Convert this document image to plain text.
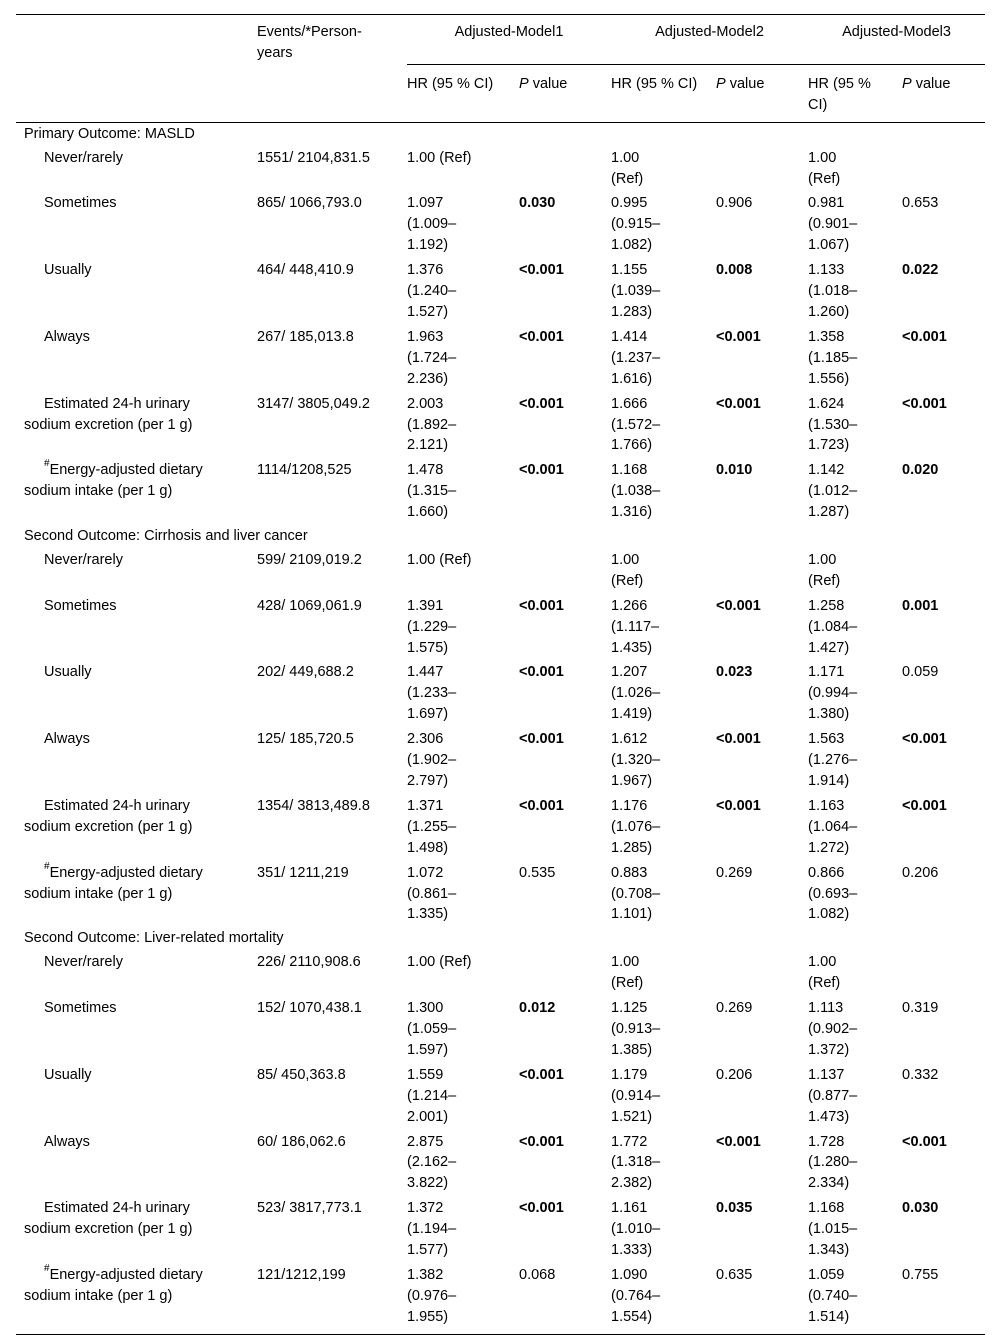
	Events/*Person-years	Adjusted-Model1		Adjusted-Model2		Adjusted-Model3	

		HR (95 % CI)	P value	HR (95 % CI)	P value	HR (95 % CI)	P value
Primary Outcome: MASLD							
Never/rarely	1551/ 2104,831.5	1.00 (Ref)		1.00 (Ref)		1.00 (Ref)	
Sometimes	865/ 1066,793.0	1.097 (1.009–1.192)	0.030	0.995 (0.915–1.082)	0.906	0.981 (0.901–1.067)	0.653
Usually	464/ 448,410.9	1.376 (1.240–1.527)	<0.001	1.155 (1.039–1.283)	0.008	1.133 (1.018–1.260)	0.022
Always	267/ 185,013.8	1.963 (1.724–2.236)	<0.001	1.414 (1.237–1.616)	<0.001	1.358 (1.185–1.556)	<0.001
Estimated 24-h urinary sodium excretion (per 1 g)	3147/ 3805,049.2	2.003 (1.892–2.121)	<0.001	1.666 (1.572–1.766)	<0.001	1.624 (1.530–1.723)	<0.001
#Energy-adjusted dietary sodium intake (per 1 g)	1114/1208,525	1.478 (1.315–1.660)	<0.001	1.168 (1.038–1.316)	0.010	1.142 (1.012–1.287)	0.020
Second Outcome: Cirrhosis and liver cancer							
Never/rarely	599/ 2109,019.2	1.00 (Ref)		1.00 (Ref)		1.00 (Ref)	
Sometimes	428/ 1069,061.9	1.391 (1.229–1.575)	<0.001	1.266 (1.117–1.435)	<0.001	1.258 (1.084–1.427)	0.001
Usually	202/ 449,688.2	1.447 (1.233–1.697)	<0.001	1.207 (1.026–1.419)	0.023	1.171 (0.994–1.380)	0.059
Always	125/ 185,720.5	2.306 (1.902–2.797)	<0.001	1.612 (1.320–1.967)	<0.001	1.563 (1.276–1.914)	<0.001
Estimated 24-h urinary sodium excretion (per 1 g)	1354/ 3813,489.8	1.371 (1.255–1.498)	<0.001	1.176 (1.076–1.285)	<0.001	1.163 (1.064–1.272)	<0.001
#Energy-adjusted dietary sodium intake (per 1 g)	351/ 1211,219	1.072 (0.861–1.335)	0.535	0.883 (0.708–1.101)	0.269	0.866 (0.693–1.082)	0.206
Second Outcome: Liver-related mortality							
Never/rarely	226/ 2110,908.6	1.00 (Ref)		1.00 (Ref)		1.00 (Ref)	
Sometimes	152/ 1070,438.1	1.300 (1.059–1.597)	0.012	1.125 (0.913–1.385)	0.269	1.113 (0.902–1.372)	0.319
Usually	85/ 450,363.8	1.559 (1.214–2.001)	<0.001	1.179 (0.914–1.521)	0.206	1.137 (0.877–1.473)	0.332
Always	60/ 186,062.6	2.875 (2.162–3.822)	<0.001	1.772 (1.318–2.382)	<0.001	1.728 (1.280–2.334)	<0.001
Estimated 24-h urinary sodium excretion (per 1 g)	523/ 3817,773.1	1.372 (1.194–1.577)	<0.001	1.161 (1.010–1.333)	0.035	1.168 (1.015–1.343)	0.030
#Energy-adjusted dietary sodium intake (per 1 g)	121/1212,199	1.382 (0.976–1.955)	0.068	1.090 (0.764–1.554)	0.635	1.059 (0.740–1.514)	0.755
